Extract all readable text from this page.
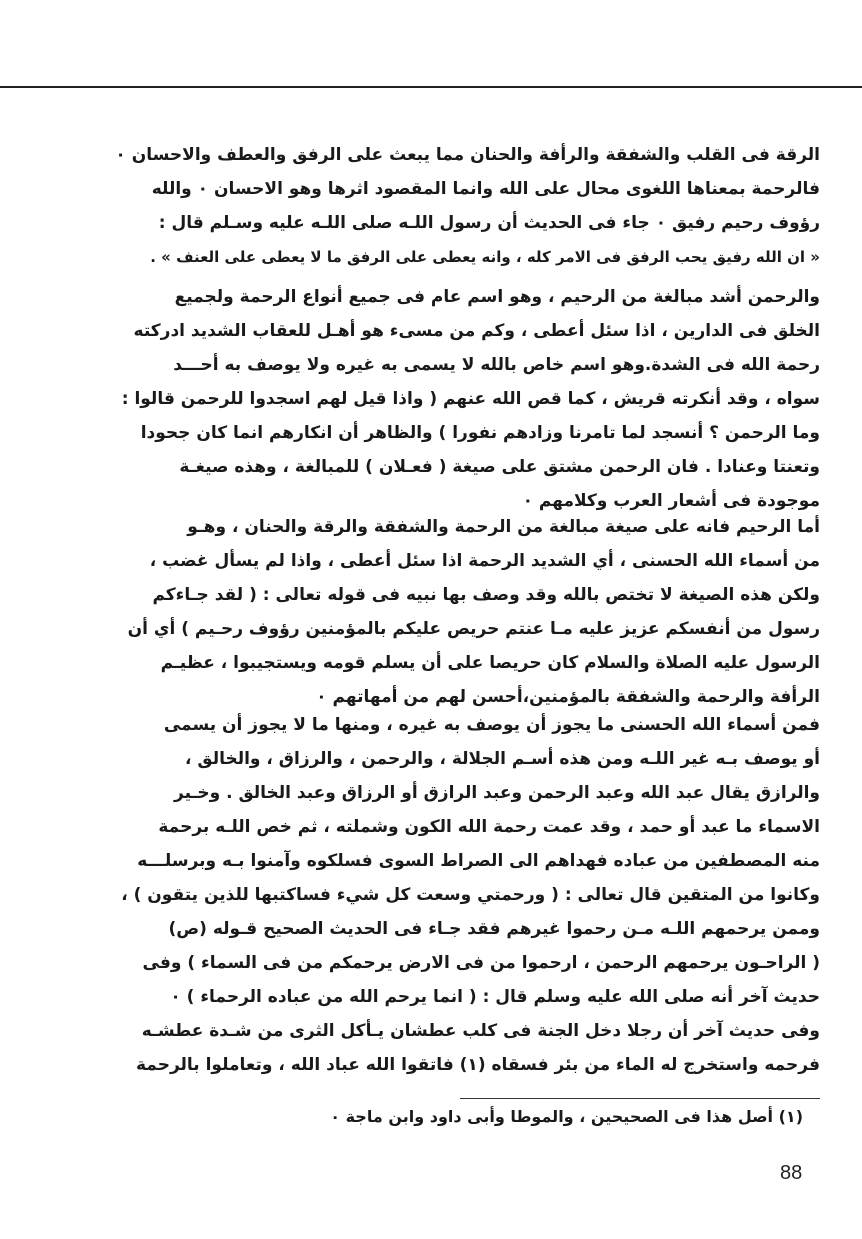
الرقة فى القلب والشفقة والرأفة والحنان مما يبعث على الرفق والعطف والاحسان ٠
فالرحمة بمعناها اللغوى محال على الله وانما المقصود اثرها وهو الاحسان ٠ والله
رؤوف رحيم رفيق ٠ جاء فى الحديث أن رسول اللـه صلى اللـه عليه وسـلم قال :
« ان الله رفيق يحب الرفق فى الامر كله ، وانه يعطى على الرفق ما لا يعطى على العنف » .
والرحمن أشد مبالغة من الرحيم ، وهو اسم عام فى جميع أنواع الرحمة ولجميع
الخلق فى الدارين ، اذا سئل أعطى ، وكم من مسىء هو أهـل للعقاب الشديد ادركته
رحمة الله فى الشدة.وهو اسم خاص بالله لا يسمى به غيره ولا يوصف به أحـــد
سواه ، وقد أنكرته قريش ، كما قص الله عنهم ( واذا قيل لهم اسجدوا للرحمن قالوا :
وما الرحمن ؟ أنسجد لما تامرنا وزادهم نفورا ) والظاهر أن انكارهم انما كان جحودا
وتعنتا وعنادا . فان الرحمن مشتق على صيغة ( فعـلان ) للمبالغة ، وهذه صيغـة
موجودة فى أشعار العرب وكلامهم ٠
أما الرحيم فانه على صيغة مبالغة من الرحمة والشفقة والرقة والحنان ، وهـو
من أسماء الله الحسنى ، أي الشديد الرحمة اذا سئل أعطى ، واذا لم يسأل غضب ،
ولكن هذه الصيغة لا تختص بالله وقد وصف بها نبيه فى قوله تعالى : ( لقد جـاءكم
رسول من أنفسكم عزيز عليه مـا عنتم حريص عليكم بالمؤمنين رؤوف رحـيم ) أي أن
الرسول عليه الصلاة والسلام كان حريصا على أن يسلم قومه ويستجيبوا ، عظيـم
الرأفة والرحمة والشفقة بالمؤمنين،أحسن لهم من أمهاتهم ٠
فمن أسماء الله الحسنى ما يجوز أن يوصف به غيره ، ومنها ما لا يجوز أن يسمى
أو يوصف بـه غير اللـه ومن هذه أسـم الجلالة ، والرحمن ، والرزاق ، والخالق ،
والرازق يقال عبد الله وعبد الرحمن وعبد الرازق أو الرزاق وعبد الخالق . وخـير
الاسماء ما عبد أو حمد ، وقد عمت رحمة الله الكون وشملته ، ثم خص اللـه برحمة
منه المصطفين من عباده فهداهم الى الصراط السوى فسلكوه وآمنوا بـه وبرسلـــه
وكانوا من المتقين قال تعالى : ( ورحمتي وسعت كل شيء فساكتبها للذين يتقون ) ،
وممن يرحمهم اللـه مـن رحموا غيرهم فقد جـاء فى الحديث الصحيح قـوله (ص)
( الراحـون يرحمهم الرحمن ، ارحموا من فى الارض يرحمكم من فى السماء ) وفى
حديث آخر أنه صلى الله عليه وسلم قال : ( انما يرحم الله من عباده الرحماء ) ٠
وفى حديث آخر أن رجلا دخل الجنة فى كلب عطشان يـأكل الثرى من شـدة عطشـه
فرحمه واستخرج له الماء من بئر فسقاه (١) فاتقوا الله عباد الله ، وتعاملوا بالرحمة
(١) أصل هذا فى الصحيحين ، والموطا وأبى داود وابن ماجة ٠
88
